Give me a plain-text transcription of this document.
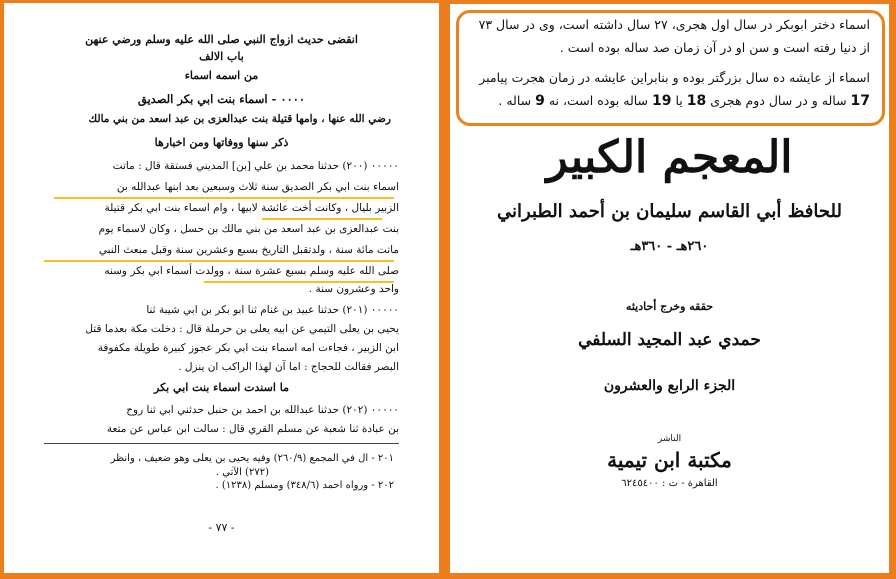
انقضى حديث ازواج النبي صلى الله عليه وسلم ورضي عنهن
باب الالف
من اسمه اسماء
٠٠٠٠ - اسماء بنت ابي بكر الصديق
رضي الله عنها ، وامها قتيلة بنت عبدالعزى بن عبد اسعد من بني مالك
ذكر سنها ووفاتها ومن اخبارها
٠٠٠٠٠ (٢٠٠) حدثنا محمد بن علي [بن] المديني فستقة قال : ماتت
اسماء بنت ابي بكر الصديق سنة ثلاث وسبعين بعد ابنها عبدالله بن
الزبير بليال ، وكانت أخت عائشة لابيها ، وام اسماء بنت ابي بكر قتيلة
بنت عبدالعزى بن عبد اسعد من بني مالك بن حسل ، وكان لاسماء يوم
ماتت مائة سنة ، ولدتقبل التاريخ بسبع وعشرين سنة وقبل مبعث النبي
صلى الله عليه وسلم بسبع عشرة سنة ، وولدت أسماء ابي بكر وسنه
واحد وعشرون سنة .
٠٠٠٠٠ (٢٠١) حدثنا عبيد بن غنام ثنا ابو بكر بن ابي شيبة ثنا
يحيى بن يعلى التيمي عن ابيه يعلى بن حرملة قال : دخلت مكة بعدما قتل
ابن الزبير ، فجاءت امه اسماء بنت ابي بكر عجوز كبيرة طويلة مكفوفة
البصر فقالت للحجاج : اما آن لهذا الراكب ان ينزل .
ما اسندت اسماء بنت ابي بكر
٠٠٠٠٠ (٢٠٢) حدثنا عبدالله بن احمد بن حنبل حدثني ابي ثنا روح
بن عبادة ثنا شعبة عن مسلم القري قال : سالت ابن عباس عن متعة
٢٠١ - ال في المجمع (٢٦٠/٩) وفيه يحيى بن يعلى وهو ضعيف ، وانظر
(٢٧٢) الآتي .
٢٠٢ - ورواه احمد (٣٤٨/٦) ومسلم (١٢٣٨) .
- ٧٧ -
اسماء دختر ابوبکر در سال اول هجری، ۲۷ سال داشته است، وی در سال ۷۳
از دنیا رفته است و سن او در آن زمان صد ساله بوده است .
اسماء از عایشه ده سال بزرگتر بوده و بنابراین عایشه در زمان هجرت پیامبر
17 ساله و در سال دوم هجری 18 یا 19 ساله بوده است، نه 9 ساله .
المعجم الكبير
للحافظ أبي القاسم سليمان بن أحمد الطبراني
٢٦٠هـ - ٣٦٠هـ
حققه وخرج أحاديثه
حمدي عبد المجيد السلفي
الجزء الرابع والعشرون
الناشر
مكتبة ابن تيمية
القاهرة - ت : ٦٢٤٥٤٠٠
